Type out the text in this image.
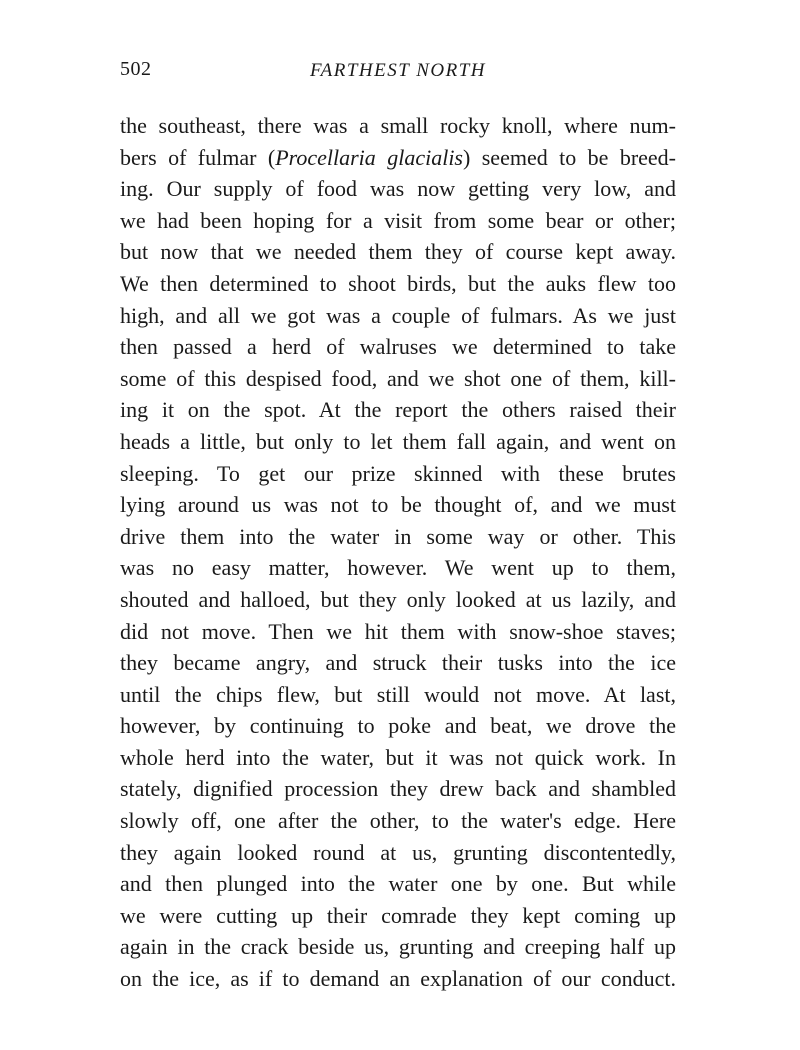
502	FARTHEST NORTH
the southeast, there was a small rocky knoll, where num-
bers of fulmar (Procellaria glacialis) seemed to be breed-
ing. Our supply of food was now getting very low, and
we had been hoping for a visit from some bear or other;
but now that we needed them they of course kept away.
We then determined to shoot birds, but the auks flew too
high, and all we got was a couple of fulmars. As we just
then passed a herd of walruses we determined to take
some of this despised food, and we shot one of them, kill-
ing it on the spot. At the report the others raised their
heads a little, but only to let them fall again, and went on
sleeping. To get our prize skinned with these brutes
lying around us was not to be thought of, and we must
drive them into the water in some way or other. This
was no easy matter, however. We went up to them,
shouted and halloed, but they only looked at us lazily, and
did not move. Then we hit them with snow-shoe staves;
they became angry, and struck their tusks into the ice
until the chips flew, but still would not move. At last,
however, by continuing to poke and beat, we drove the
whole herd into the water, but it was not quick work. In
stately, dignified procession they drew back and shambled
slowly off, one after the other, to the water's edge. Here
they again looked round at us, grunting discontentedly,
and then plunged into the water one by one. But while
we were cutting up their comrade they kept coming up
again in the crack beside us, grunting and creeping half up
on the ice, as if to demand an explanation of our conduct.
